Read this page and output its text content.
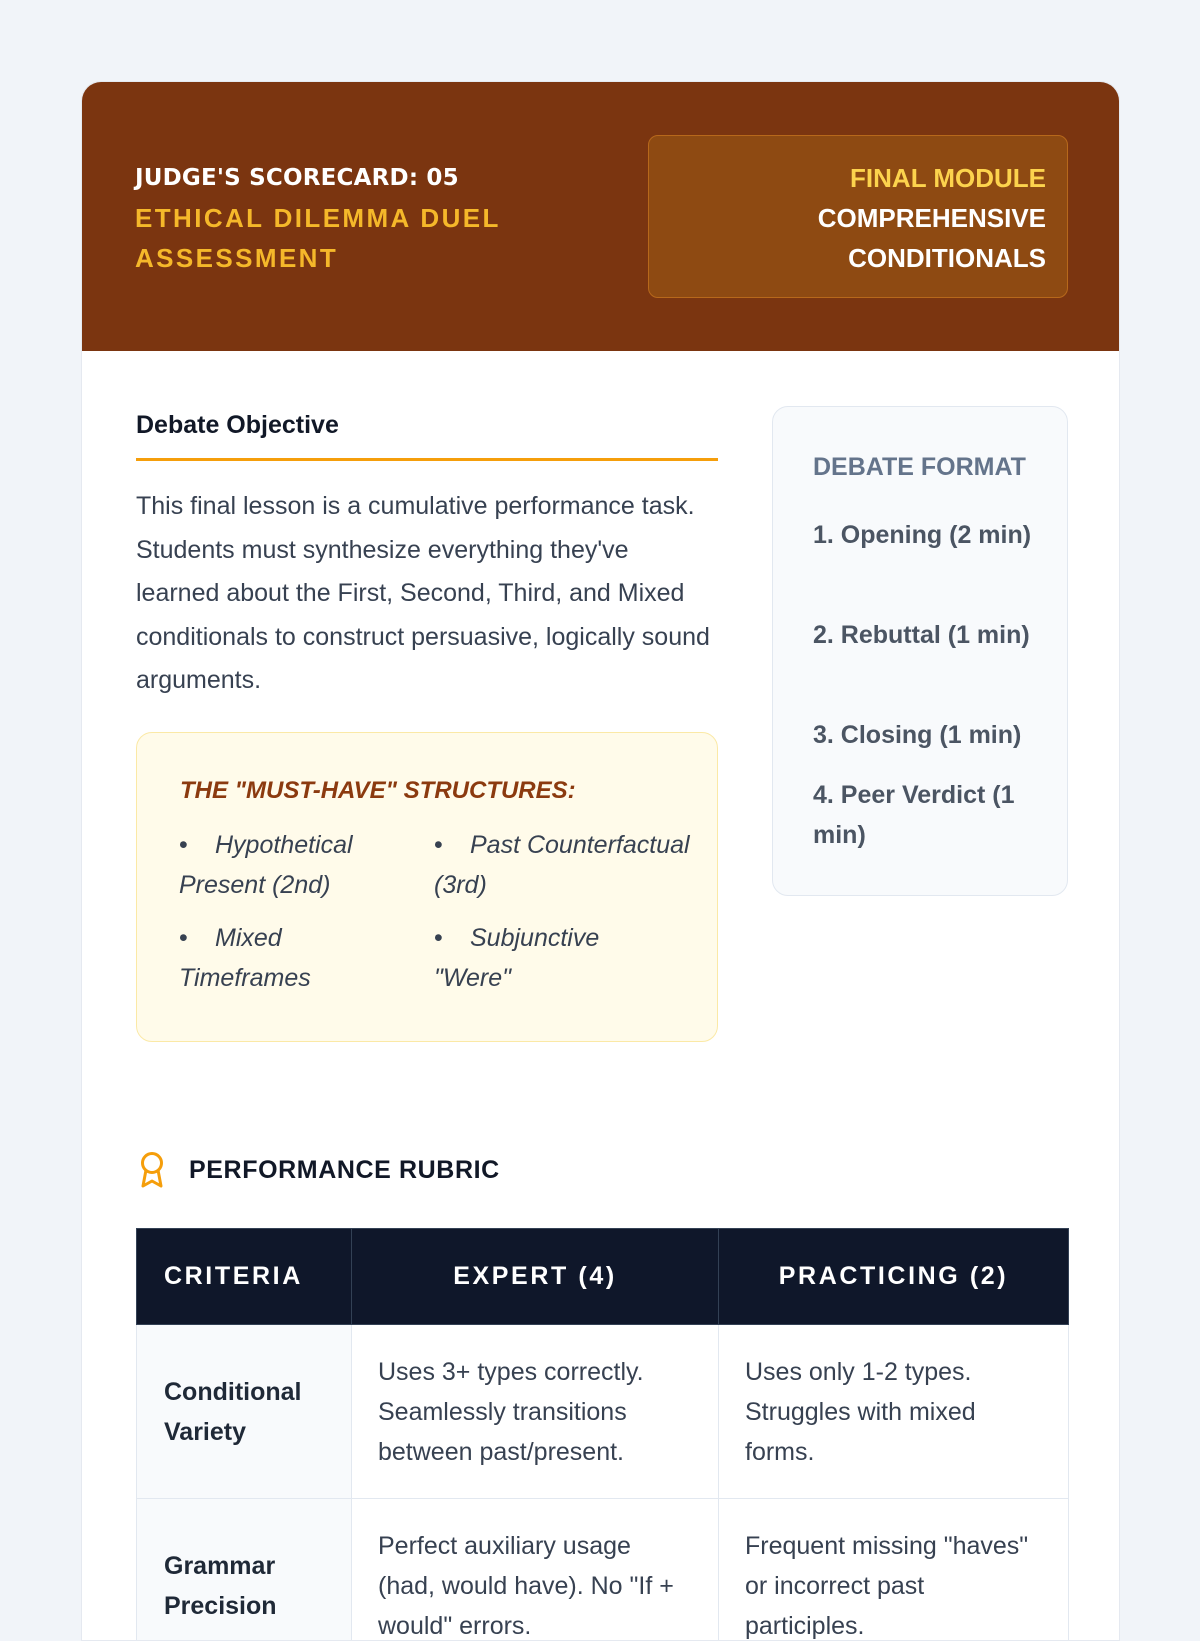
JUDGE'S SCORECARD: 05
ETHICAL DILEMMA DUEL
ASSESSMENT
FINAL MODULE
COMPREHENSIVE
CONDITIONALS
Debate Objective
This final lesson is a cumulative performance task. Students must synthesize everything they've learned about the First, Second, Third, and Mixed conditionals to construct persuasive, logically sound arguments.
THE "MUST-HAVE" STRUCTURES:
• Hypothetical Present (2nd)
• Past Counterfactual (3rd)
• Mixed Timeframes
• Subjunctive "Were"
DEBATE FORMAT
1. Opening (2 min)
2. Rebuttal (1 min)
3. Closing (1 min)
4. Peer Verdict (1 min)
PERFORMANCE RUBRIC
CRITERIA	EXPERT (4)	PRACTICING (2)
Conditional Variety	Uses 3+ types correctly. Seamlessly transitions between past/present.	Uses only 1-2 types. Struggles with mixed forms.
Grammar Precision	Perfect auxiliary usage (had, would have). No "If + would" errors.	Frequent missing "haves" or incorrect past participles.
